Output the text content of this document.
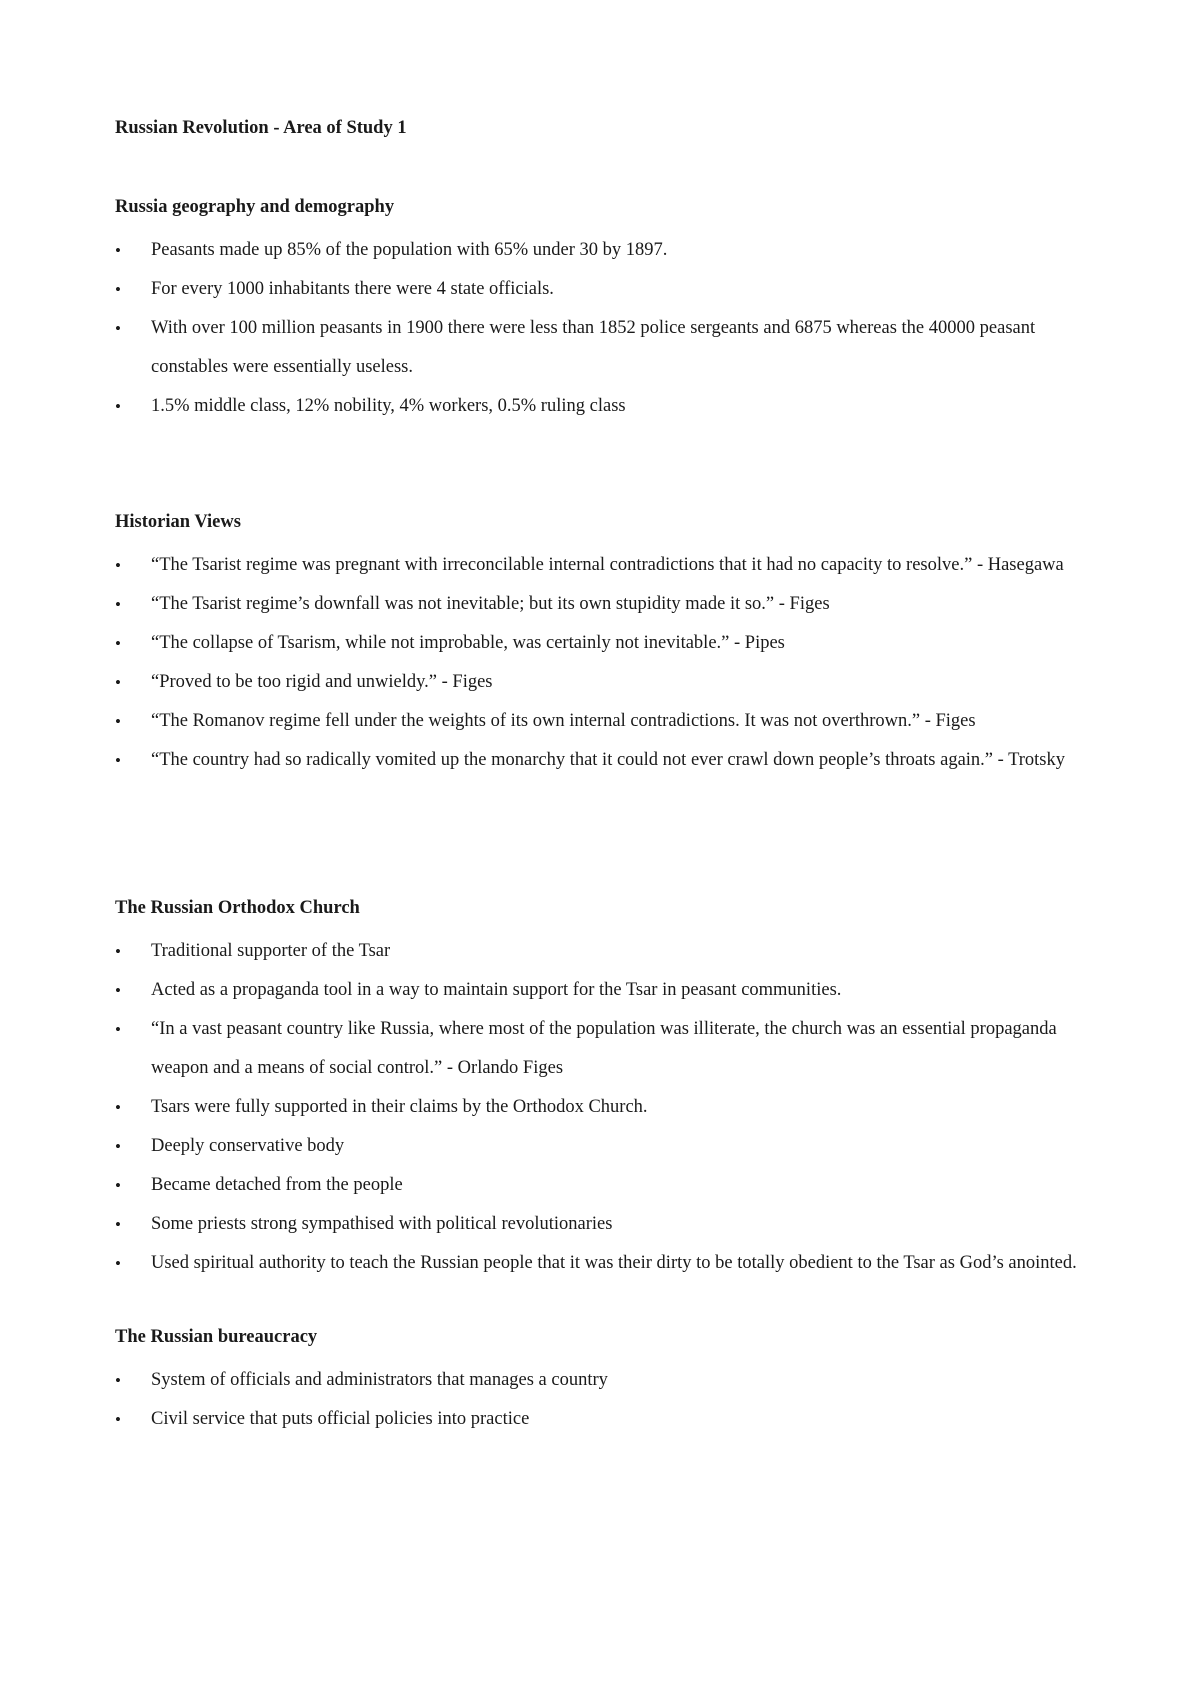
Russian Revolution - Area of Study 1
Russia geography and demography
•	Peasants made up 85% of the population with 65% under 30 by 1897.
•	For every 1000 inhabitants there were 4 state officials.
•	With over 100 million peasants in 1900 there were less than 1852 police sergeants and 6875 whereas the 40000 peasant constables were essentially useless.
•	1.5% middle class, 12% nobility, 4% workers, 0.5% ruling class
Historian Views
•	“The Tsarist regime was pregnant with irreconcilable internal contradictions that it had no capacity to resolve.” - Hasegawa
•	“The Tsarist regime’s downfall was not inevitable; but its own stupidity made it so.” - Figes
•	“The collapse of Tsarism, while not improbable, was certainly not inevitable.” - Pipes
•	“Proved to be too rigid and unwieldy.” - Figes
•	“The Romanov regime fell under the weights of its own internal contradictions. It was not overthrown.” - Figes
•	“The country had so radically vomited up the monarchy that it could not ever crawl down people’s throats again.” - Trotsky
The Russian Orthodox Church
•	Traditional supporter of the Tsar
•	Acted as a propaganda tool in a way to maintain support for the Tsar in peasant communities.
•	“In a vast peasant country like Russia, where most of the population was illiterate, the church was an essential propaganda weapon and a means of social control.” - Orlando Figes
•	Tsars were fully supported in their claims by the Orthodox Church.
•	Deeply conservative body
•	Became detached from the people
•	Some priests strong sympathised with political revolutionaries
•	Used spiritual authority to teach the Russian people that it was their dirty to be totally obedient to the Tsar as God’s anointed.
The Russian bureaucracy
•	System of officials and administrators that manages a country
•	Civil service that puts official policies into practice
